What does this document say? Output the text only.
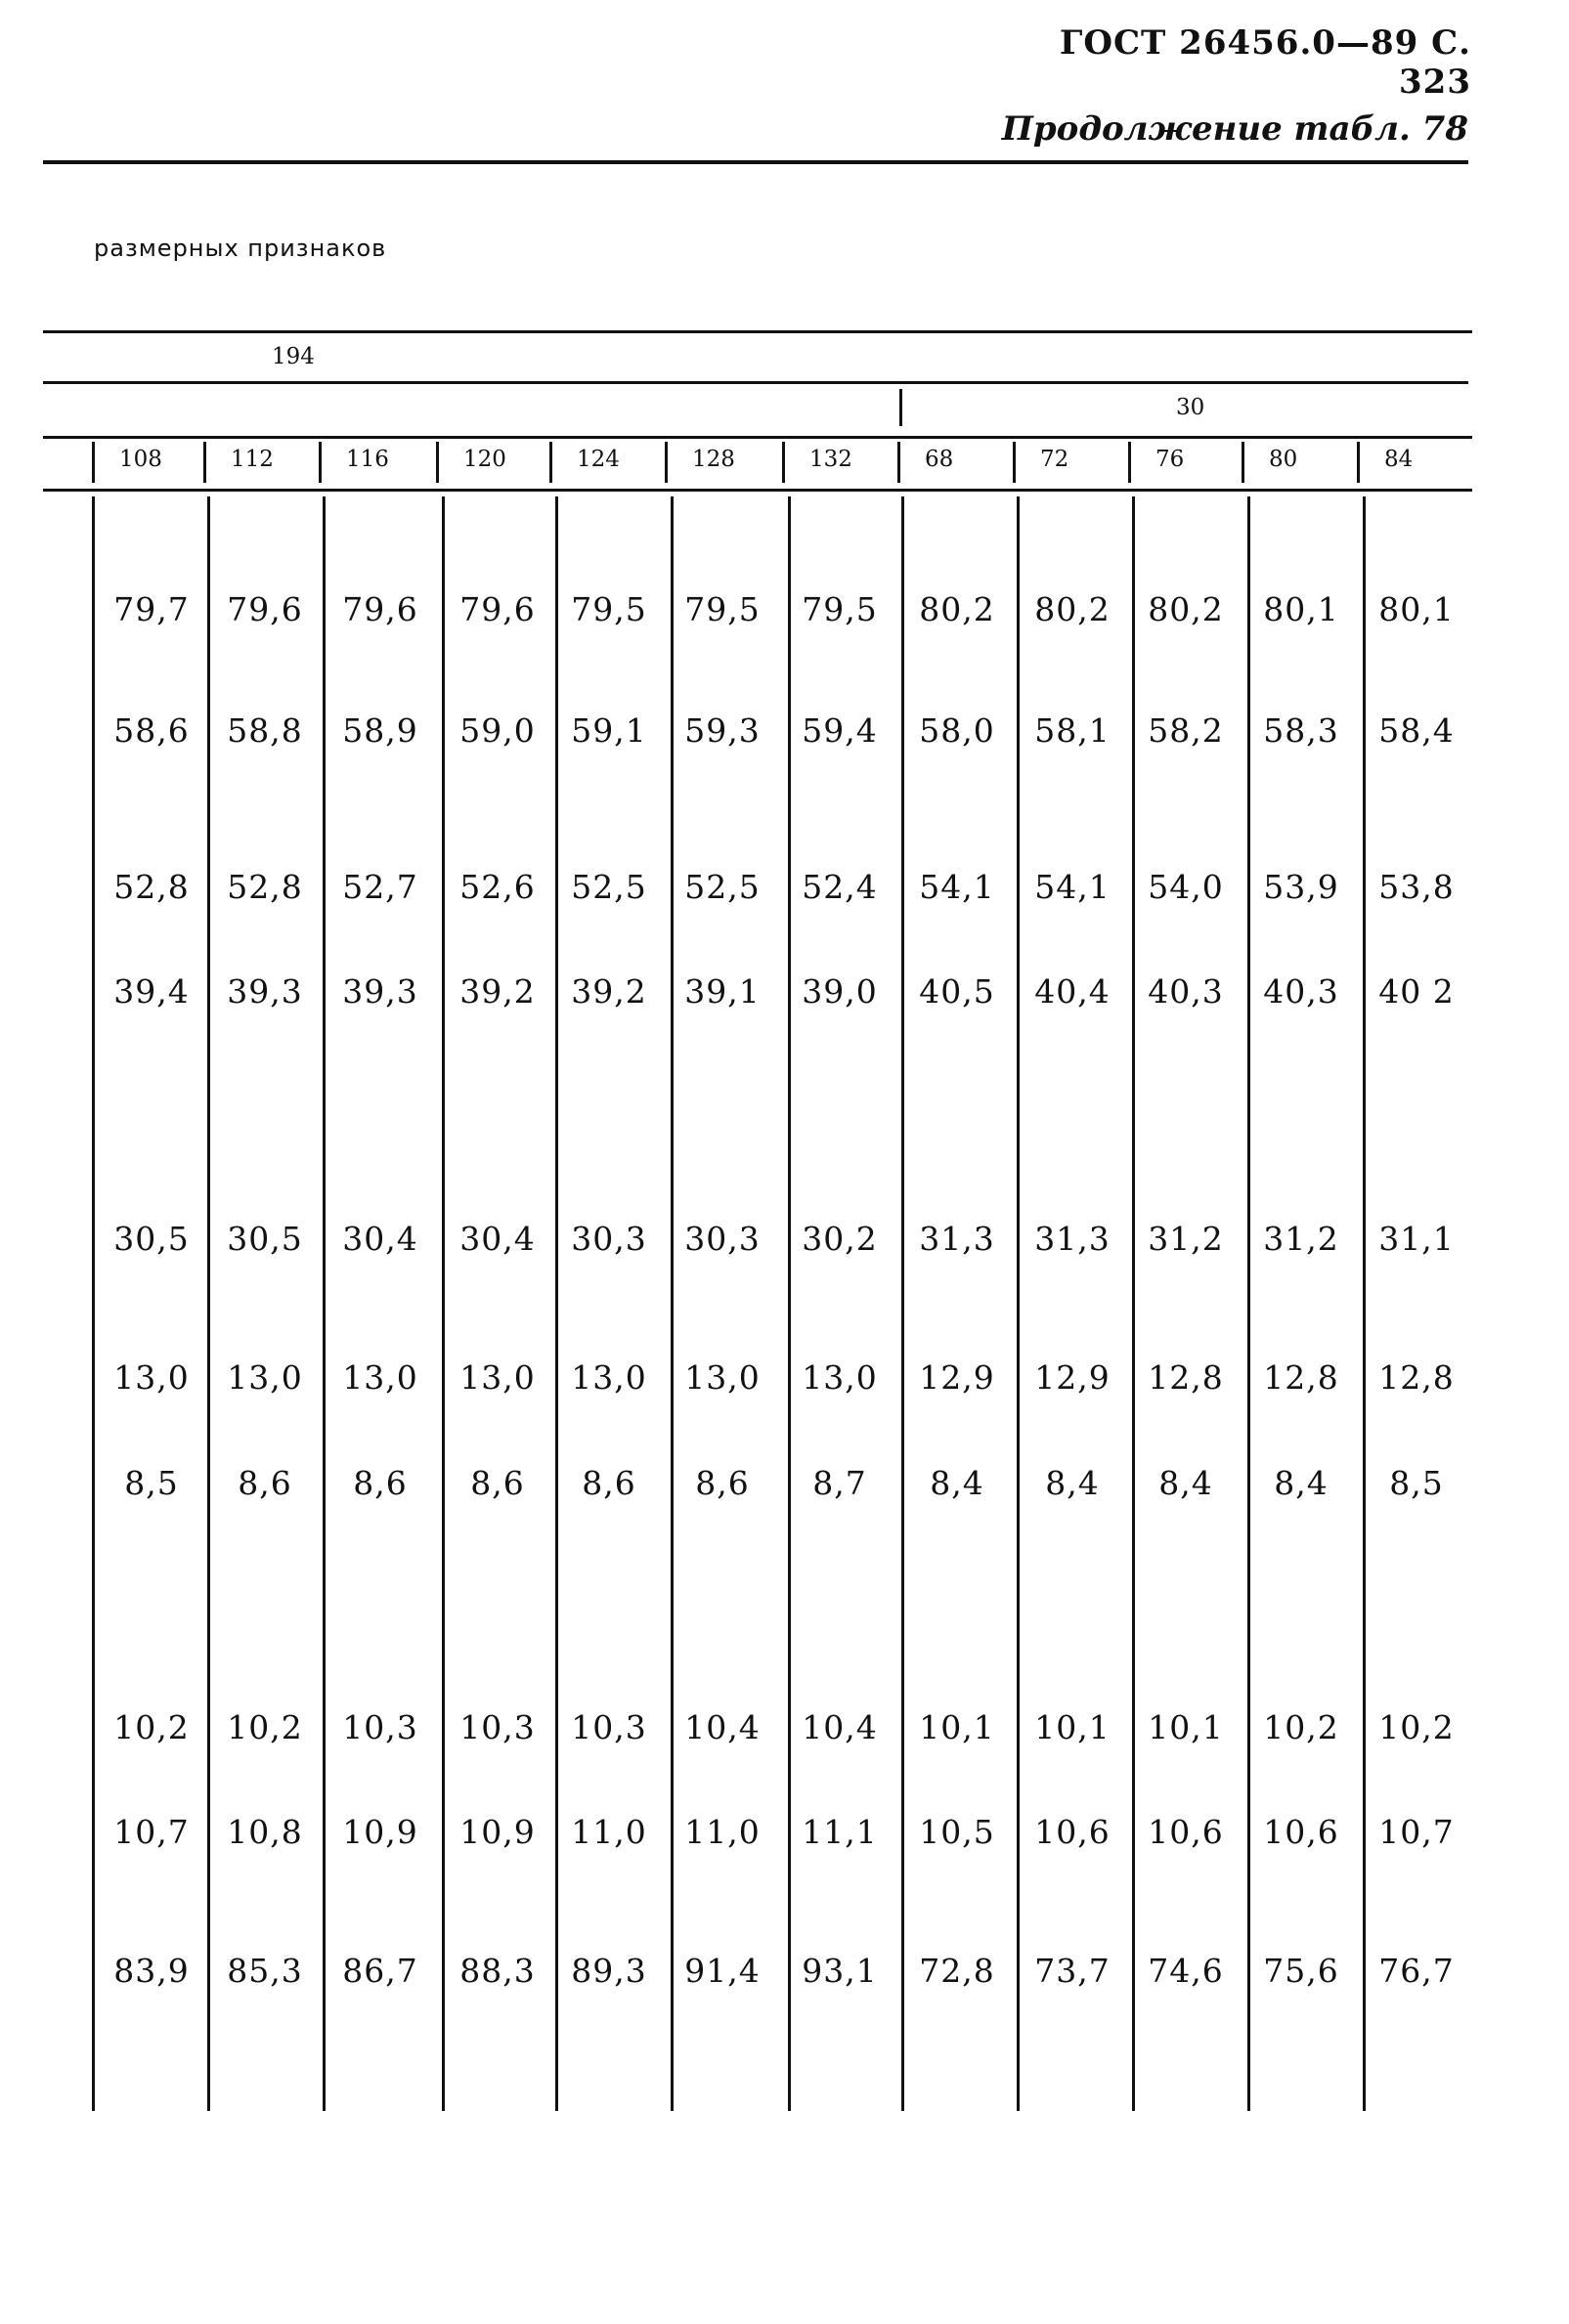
ГОСТ 26456.0—89 С. 323
Продолжение табл. 78
размерных признаков
194
30
108	112	116	120	124	128	132	68	72	76	80	84
79,7	79,6	79,6	79,6	79,5	79,5	79,5	80,2	80,2	80,2	80,1	80,1
58,6	58,8	58,9	59,0	59,1	59,3	59,4	58,0	58,1	58,2	58,3	58,4
52,8	52,8	52,7	52,6	52,5	52,5	52,4	54,1	54,1	54,0	53,9	53,8
39,4	39,3	39,3	39,2	39,2	39,1	39,0	40,5	40,4	40,3	40,3	40 2
30,5	30,5	30,4	30,4	30,3	30,3	30,2	31,3	31,3	31,2	31,2	31,1
13,0	13,0	13,0	13,0	13,0	13,0	13,0	12,9	12,9	12,8	12,8	12,8
8,5	8,6	8,6	8,6	8,6	8,6	8,7	8,4	8,4	8,4	8,4	8,5
10,2	10,2	10,3	10,3	10,3	10,4	10,4	10,1	10,1	10,1	10,2	10,2
10,7	10,8	10,9	10,9	11,0	11,0	11,1	10,5	10,6	10,6	10,6	10,7
83,9	85,3	86,7	88,3	89,3	91,4	93,1	72,8	73,7	74,6	75,6	76,7
